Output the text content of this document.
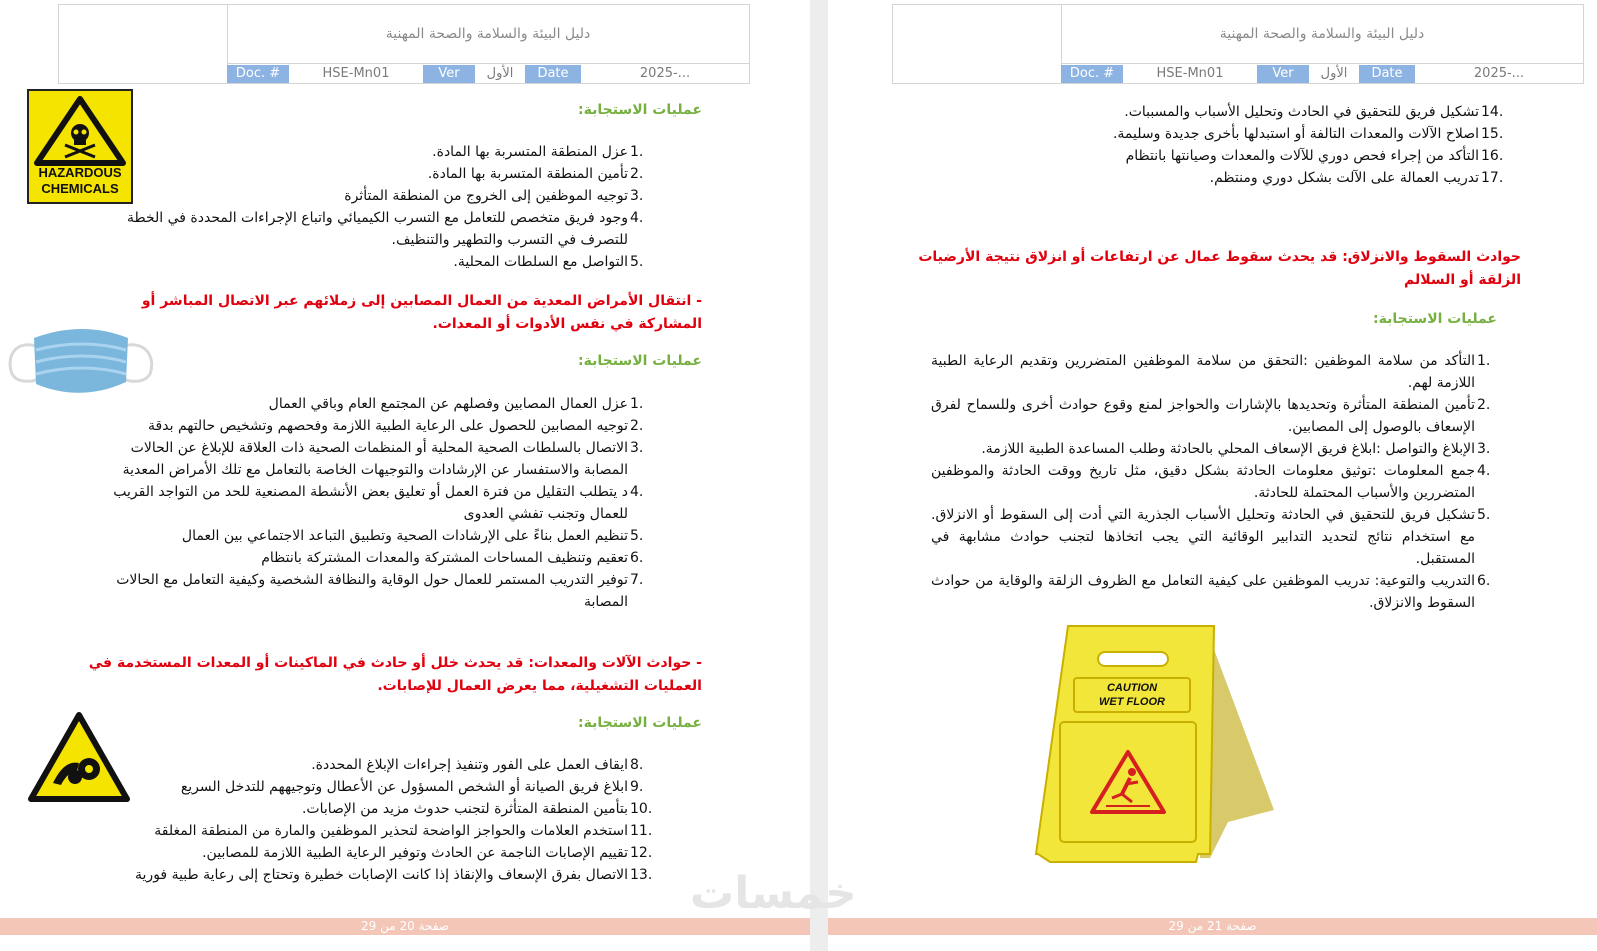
دليل البيئة والسلامة والصحة المهنية
Doc. #	HSE-Mn01	Ver	الأول	Date	2025-...
HAZARDOUS CHEMICALS
عمليات الاستجابة:
1.
عزل المنطقة المتسربة بها المادة.
2.
تأمين المنطقة المتسربة بها المادة.
3.
توجيه الموظفين إلى الخروج من المنطقة المتأثرة
4.
وجود فريق متخصص للتعامل مع التسرب الكيميائي واتباع الإجراءات المحددة في الخطة للتصرف في التسرب والتطهير والتنظيف.
5.
التواصل مع السلطات المحلية.
- انتقال الأمراض المعدية من العمال المصابين إلى زملائهم عبر الاتصال المباشر أو المشاركة في نفس الأدوات أو المعدات.
عمليات الاستجابة:
1.
عزل العمال المصابين وفصلهم عن المجتمع العام وباقي العمال
2.
توجيه المصابين للحصول على الرعاية الطبية اللازمة وفحصهم وتشخيص حالتهم بدقة
3.
الاتصال بالسلطات الصحية المحلية أو المنظمات الصحية ذات العلاقة للإبلاغ عن الحالات المصابة والاستفسار عن الإرشادات والتوجيهات الخاصة بالتعامل مع تلك الأمراض المعدية
4.
د يتطلب التقليل من فترة العمل أو تعليق بعض الأنشطة المصنعية للحد من التواجد القريب للعمال وتجنب تفشي العدوى
5.
تنظيم العمل بناءً على الإرشادات الصحية وتطبيق التباعد الاجتماعي بين العمال
6.
تعقيم وتنظيف المساحات المشتركة والمعدات المشتركة بانتظام
7.
توفير التدريب المستمر للعمال حول الوقاية والنظافة الشخصية وكيفية التعامل مع الحالات المصابة
- حوادث الآلات والمعدات: قد يحدث خلل أو حادث في الماكينات أو المعدات المستخدمة في العمليات التشغيلية، مما يعرض العمال للإصابات.
عمليات الاستجابة:
8.
ايقاف العمل على الفور وتنفيذ إجراءات الإبلاغ المحددة.
9.
ابلاغ فريق الصيانة أو الشخص المسؤول عن الأعطال وتوجيههم للتدخل السريع
10.
بتأمين المنطقة المتأثرة لتجنب حدوث مزيد من الإصابات.
11.
استخدم العلامات والحواجز الواضحة لتحذير الموظفين والمارة من المنطقة المغلقة
12.
تقييم الإصابات الناجمة عن الحادث وتوفير الرعاية الطبية اللازمة للمصابين.
13.
الاتصال بفرق الإسعاف والإنقاذ إذا كانت الإصابات خطيرة وتحتاج إلى رعاية طبية فورية
صفحة 20 من 29
دليل البيئة والسلامة والصحة المهنية
Doc. #	HSE-Mn01	Ver	الأول	Date	2025-...
14.
تشكيل فريق للتحقيق في الحادث وتحليل الأسباب والمسببات.
15.
اصلاح الآلات والمعدات التالفة أو استبدلها بأخرى جديدة وسليمة.
16.
التأكد من إجراء فحص دوري للآلات والمعدات وصيانتها بانتظام
17.
تدريب العمالة على الآلت بشكل دوري ومنتظم.
حوادث السقوط والانزلاق: قد يحدث سقوط عمال عن ارتفاعات أو انزلاق نتيجة الأرضيات الزلقة أو السلالم
عمليات الاستجابة:
1.
التأكد من سلامة الموظفين :التحقق من سلامة الموظفين المتضررين وتقديم الرعاية الطبية اللازمة لهم.
2.
تأمين المنطقة المتأثرة وتحديدها بالإشارات والحواجز لمنع وقوع حوادث أخرى وللسماح لفرق الإسعاف بالوصول إلى المصابين.
3.
الإبلاغ والتواصل :ابلاغ فريق الإسعاف المحلي بالحادثة وطلب المساعدة الطبية اللازمة.
4.
جمع المعلومات :توثيق معلومات الحادثة بشكل دقيق، مثل تاريخ ووقت الحادثة والموظفين المتضررين والأسباب المحتملة للحادثة.
5.
تشكيل فريق للتحقيق في الحادثة وتحليل الأسباب الجذرية التي أدت إلى السقوط أو الانزلاق. مع استخدام نتائج لتحديد التدابير الوقائية التي يجب اتخاذها لتجنب حوادث مشابهة في المستقبل.
6.
التدريب والتوعية: تدريب الموظفين على كيفية التعامل مع الظروف الزلقة والوقاية من حوادث السقوط والانزلاق.
CAUTION
WET FLOOR
صفحة 21 من 29
خمسات
